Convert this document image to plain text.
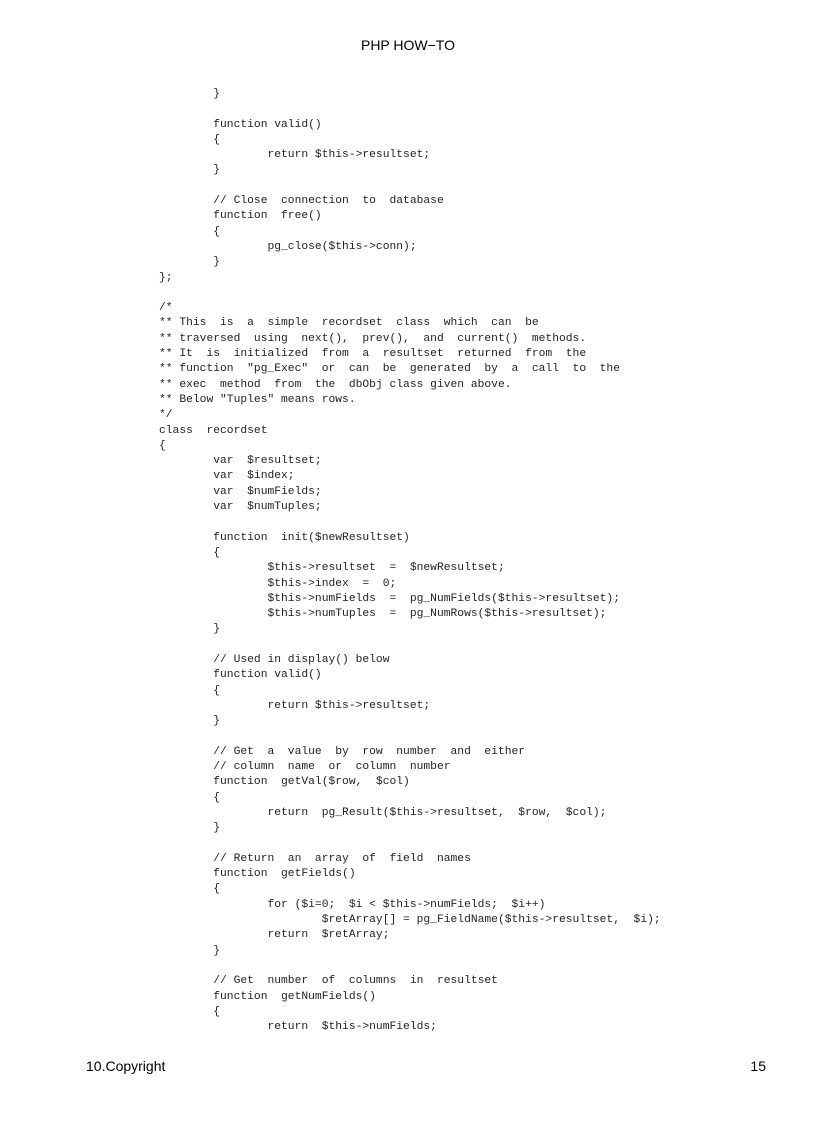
PHP HOW−TO
}
function valid()
{
return $this->resultset;
}
// Close  connection  to  database
function  free()
{
pg_close($this->conn);
}
};
/*
** This  is  a  simple  recordset  class  which  can  be
** traversed  using  next(),  prev(),  and  current()  methods.
** It  is  initialized  from  a  resultset  returned  from  the
** function  "pg_Exec"  or  can  be  generated  by  a  call  to  the
** exec  method  from  the  dbObj class given above.
** Below "Tuples" means rows.
*/
class  recordset
{
var  $resultset;
var  $index;
var  $numFields;
var  $numTuples;
function  init($newResultset)
{
$this->resultset  =  $newResultset;
$this->index  =  0;
$this->numFields  =  pg_NumFields($this->resultset);
$this->numTuples  =  pg_NumRows($this->resultset);
}
// Used in display() below
function valid()
{
return $this->resultset;
}
// Get  a  value  by  row  number  and  either
// column  name  or  column  number
function  getVal($row,  $col)
{
return  pg_Result($this->resultset,  $row,  $col);
}
// Return  an  array  of  field  names
function  getFields()
{
for ($i=0;  $i < $this->numFields;  $i++)
$retArray[] = pg_FieldName($this->resultset,  $i);
return  $retArray;
}
// Get  number  of  columns  in  resultset
function  getNumFields()
{
return  $this->numFields;
10.Copyright	15
